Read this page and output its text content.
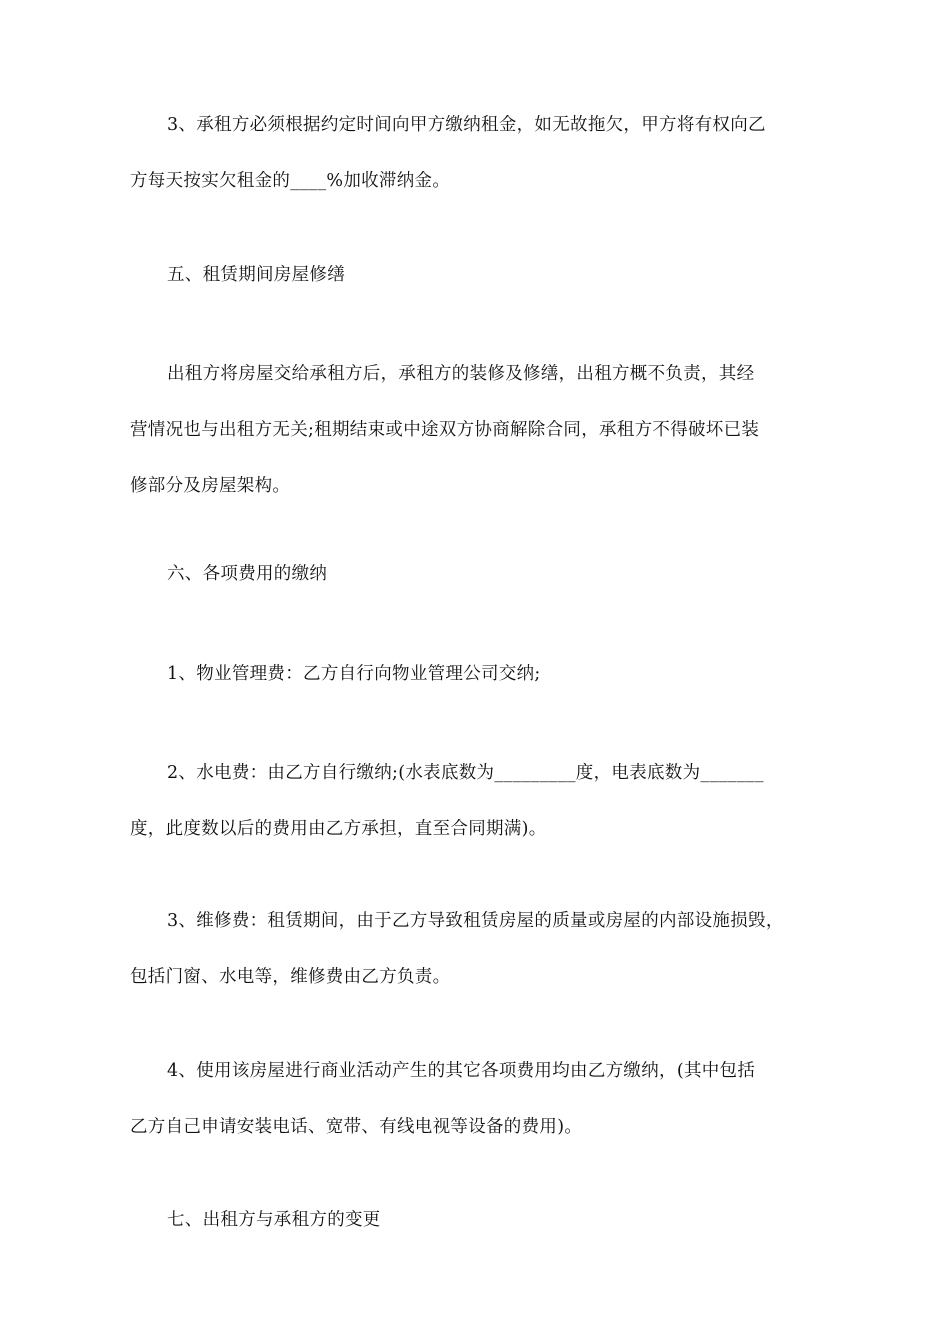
3、承租方必须根据约定时间向甲方缴纳租金，如无故拖欠，甲方将有权向乙
方每天按实欠租金的____%加收滞纳金。
五、租赁期间房屋修缮
出租方将房屋交给承租方后，承租方的装修及修缮，出租方概不负责，其经
营情况也与出租方无关;租期结束或中途双方协商解除合同，承租方不得破坏已装
修部分及房屋架构。
六、各项费用的缴纳
1、物业管理费：乙方自行向物业管理公司交纳;
2、水电费：由乙方自行缴纳;(水表底数为_________度，电表底数为_______
度，此度数以后的费用由乙方承担，直至合同期满)。
3、维修费：租赁期间，由于乙方导致租赁房屋的质量或房屋的内部设施损毁，
包括门窗、水电等，维修费由乙方负责。
4、使用该房屋进行商业活动产生的其它各项费用均由乙方缴纳，(其中包括
乙方自己申请安装电话、宽带、有线电视等设备的费用)。
七、出租方与承租方的变更
